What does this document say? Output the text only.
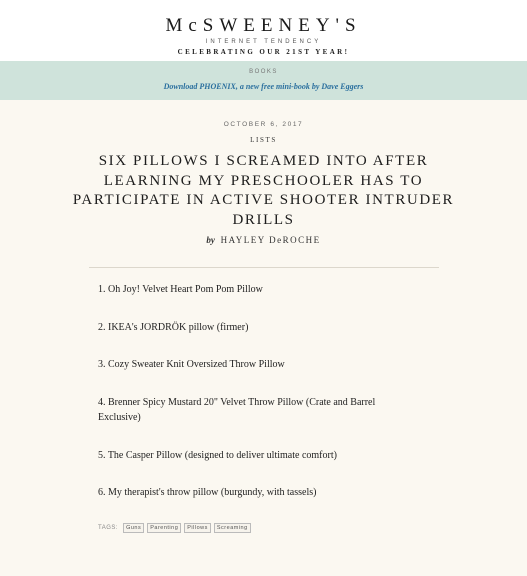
McSWEENEY'S
INTERNET TENDENCY
CELEBRATING OUR 21ST YEAR!
BOOKS
Download PHOENIX, a new free mini-book by Dave Eggers
OCTOBER 6, 2017
LISTS
SIX PILLOWS I SCREAMED INTO AFTER LEARNING MY PRESCHOOLER HAS TO PARTICIPATE IN ACTIVE SHOOTER INTRUDER DRILLS
by HAYLEY DeROCHE

1. Oh Joy! Velvet Heart Pom Pom Pillow

2. IKEA's JORDRÖK pillow (firmer)

3. Cozy Sweater Knit Oversized Throw Pillow

4. Brenner Spicy Mustard 20" Velvet Throw Pillow (Crate and Barrel Exclusive)

5. The Casper Pillow (designed to deliver ultimate comfort)

6. My therapist's throw pillow (burgundy, with tassels)

TAGS:	Guns	Parenting	Pillows	Screaming
